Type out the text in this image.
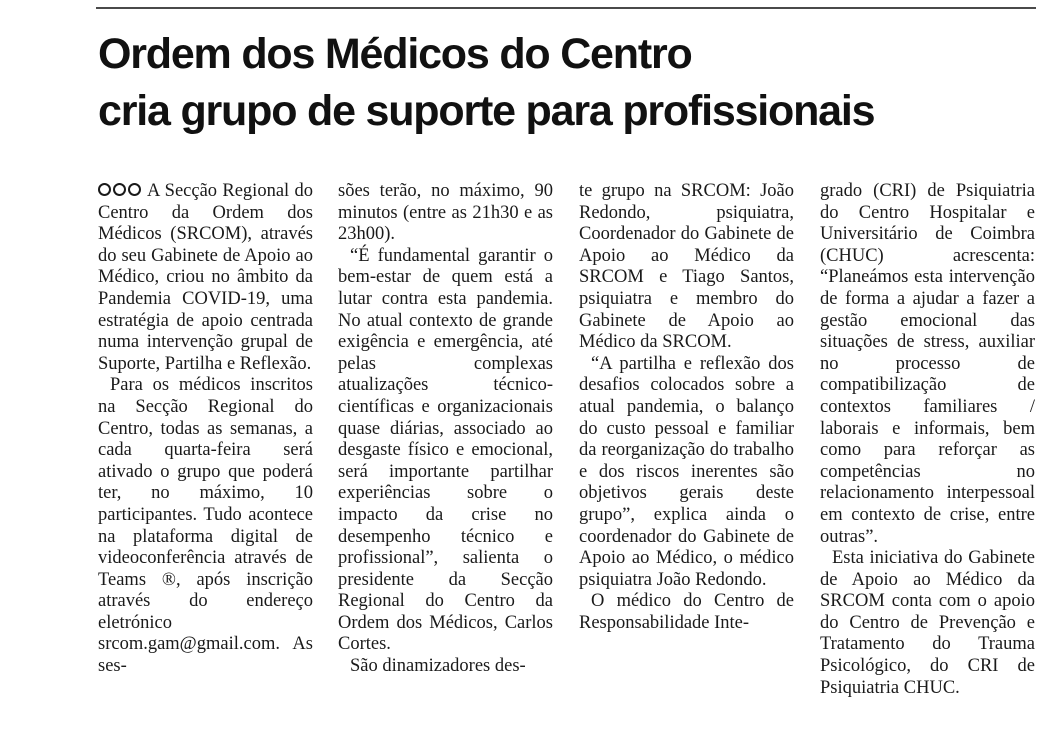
Ordem dos Médicos do Centro
cria grupo de suporte para profissionais

A Secção Regional do Centro da Ordem dos Médicos (SRCOM), através do seu Gabinete de Apoio ao Médico, criou no âmbito da Pandemia COVID-19, uma estratégia de apoio centrada numa intervenção grupal de Suporte, Partilha e Reflexão.

Para os médicos inscritos na Secção Regional do Centro, todas as semanas, a cada quarta-feira será ativado o grupo que poderá ter, no máximo, 10 participantes. Tudo acontece na plataforma digital de videoconferência através de Teams ®, após inscrição através do endereço eletrónico srcom.gam@gmail.com. As ses-

sões terão, no máximo, 90 minutos (entre as 21h30 e as 23h00).

“É fundamental garantir o bem-estar de quem está a lutar contra esta pandemia. No atual contexto de grande exigência e emergência, até pelas complexas atualizações técnico-científicas e organizacionais quase diárias, associado ao desgaste físico e emocional, será importante partilhar experiências sobre o impacto da crise no desempenho técnico e profissional”, salienta o presidente da Secção Regional do Centro da Ordem dos Médicos, Carlos Cortes.

São dinamizadores des-

te grupo na SRCOM: João Redondo, psiquiatra, Coordenador do Gabinete de Apoio ao Médico da SRCOM e Tiago Santos, psiquiatra e membro do Gabinete de Apoio ao Médico da SRCOM.

“A partilha e reflexão dos desafios colocados sobre a atual pandemia, o balanço do custo pessoal e familiar da reorganização do trabalho e dos riscos inerentes são objetivos gerais deste grupo”, explica ainda o coordenador do Gabinete de Apoio ao Médico, o médico psiquiatra João Redondo.

O médico do Centro de Responsabilidade Inte-

grado (CRI) de Psiquiatria do Centro Hospitalar e Universitário de Coimbra (CHUC) acrescenta: “Planeámos esta intervenção de forma a ajudar a fazer a gestão emocional das situações de stress, auxiliar no processo de compatibilização de contextos familiares / laborais e informais, bem como para reforçar as competências no relacionamento interpessoal em contexto de crise, entre outras”.

Esta iniciativa do Gabinete de Apoio ao Médico da SRCOM conta com o apoio do Centro de Prevenção e Tratamento do Trauma Psicológico, do CRI de Psiquiatria CHUC.
